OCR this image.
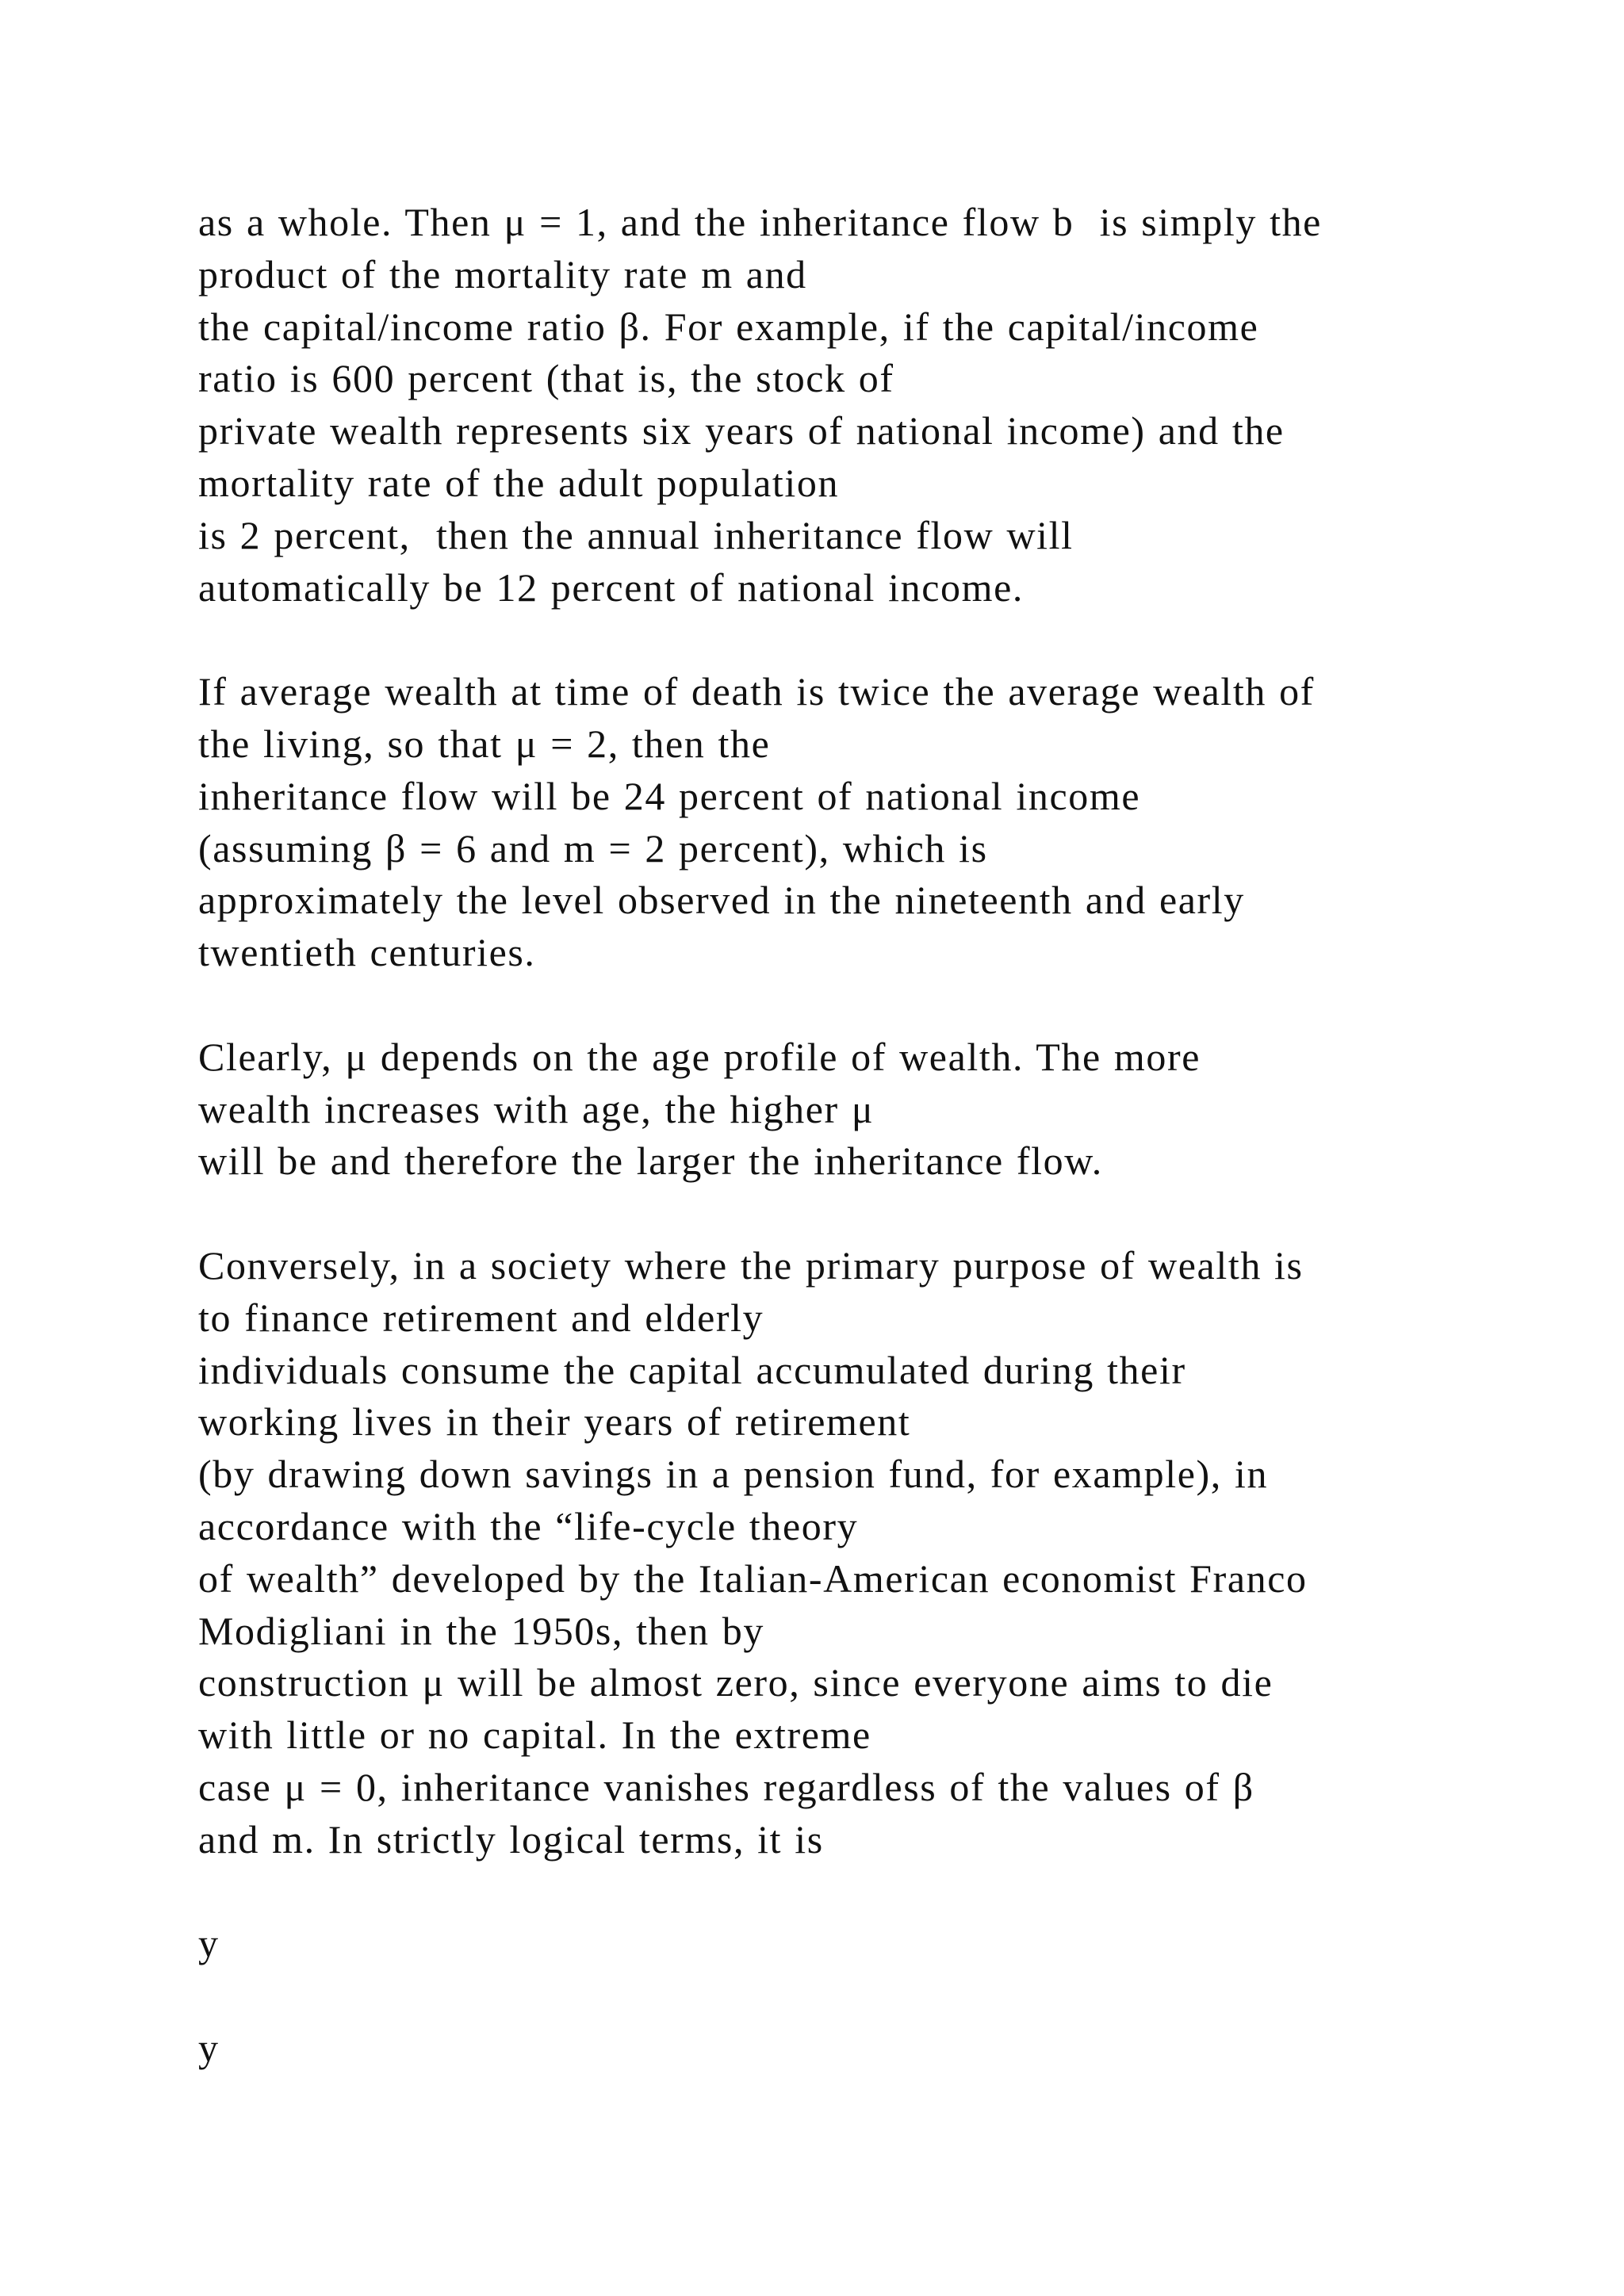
as a whole. Then μ = 1, and the inheritance flow b  is simply the
product of the mortality rate m and
the capital/income ratio β. For example, if the capital/income
ratio is 600 percent (that is, the stock of
private wealth represents six years of national income) and the
mortality rate of the adult population
is 2 percent,  then the annual inheritance flow will
automatically be 12 percent of national income.
If average wealth at time of death is twice the average wealth of
the living, so that μ = 2, then the
inheritance flow will be 24 percent of national income
(assuming β = 6 and m = 2 percent), which is
approximately the level observed in the nineteenth and early
twentieth centuries.
Clearly, μ depends on the age profile of wealth. The more
wealth increases with age, the higher μ
will be and therefore the larger the inheritance flow.
Conversely, in a society where the primary purpose of wealth is
to finance retirement and elderly
individuals consume the capital accumulated during their
working lives in their years of retirement
(by drawing down savings in a pension fund, for example), in
accordance with the “life-cycle theory
of wealth” developed by the Italian-American economist Franco
Modigliani in the 1950s, then by
construction μ will be almost zero, since everyone aims to die
with little or no capital. In the extreme
case μ = 0, inheritance vanishes regardless of the values of β
and m. In strictly logical terms, it is
y
y
